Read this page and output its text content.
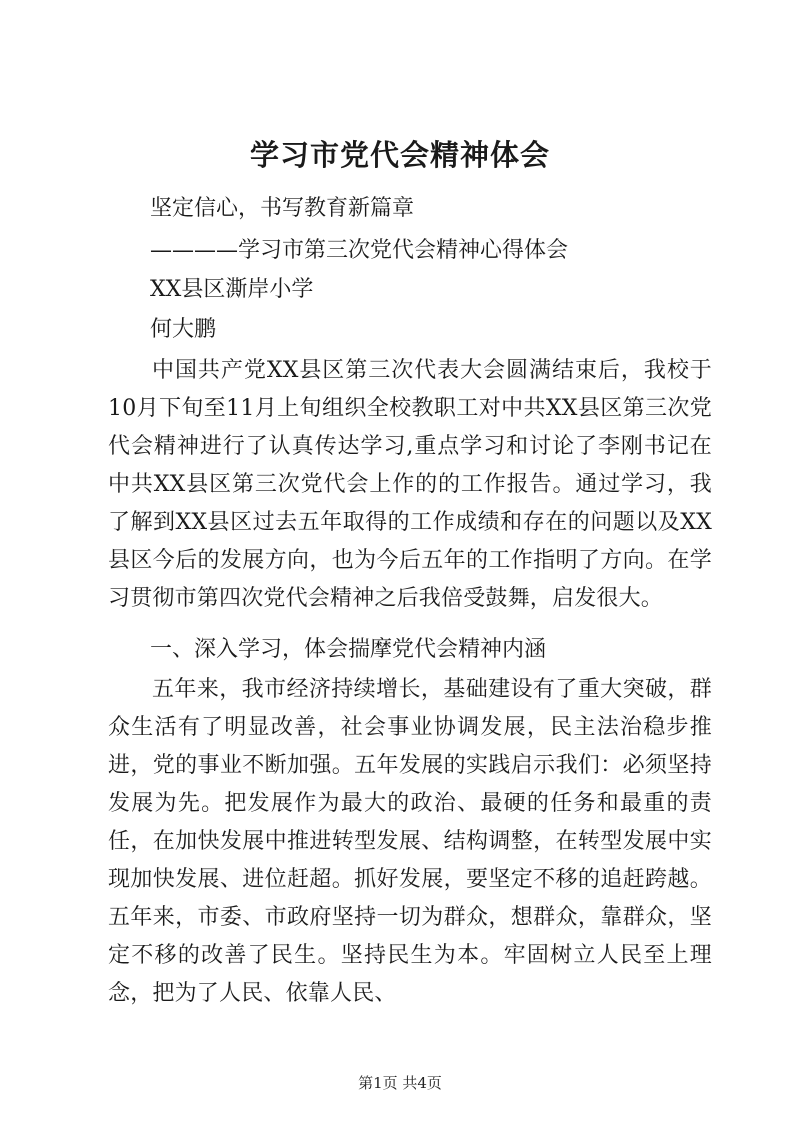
学习市党代会精神体会
坚定信心，书写教育新篇章
————学习市第三次党代会精神心得体会
XX县区澌岸小学
何大鹏
中国共产党XX县区第三次代表大会圆满结束后，我校于10月下旬至11月上旬组织全校教职工对中共XX县区第三次党代会精神进行了认真传达学习,重点学习和讨论了李刚书记在中共XX县区第三次党代会上作的的工作报告。通过学习，我了解到XX县区过去五年取得的工作成绩和存在的问题以及XX县区今后的发展方向，也为今后五年的工作指明了方向。在学习贯彻市第四次党代会精神之后我倍受鼓舞，启发很大。
一、深入学习，体会揣摩党代会精神内涵
五年来，我市经济持续增长，基础建设有了重大突破，群众生活有了明显改善，社会事业协调发展，民主法治稳步推进，党的事业不断加强。五年发展的实践启示我们：必须坚持发展为先。把发展作为最大的政治、最硬的任务和最重的责任，在加快发展中推进转型发展、结构调整，在转型发展中实现加快发展、进位赶超。抓好发展，要坚定不移的追赶跨越。五年来，市委、市政府坚持一切为群众，想群众，靠群众，坚定不移的改善了民生。坚持民生为本。牢固树立人民至上理念，把为了人民、依靠人民、
第1页 共4页
